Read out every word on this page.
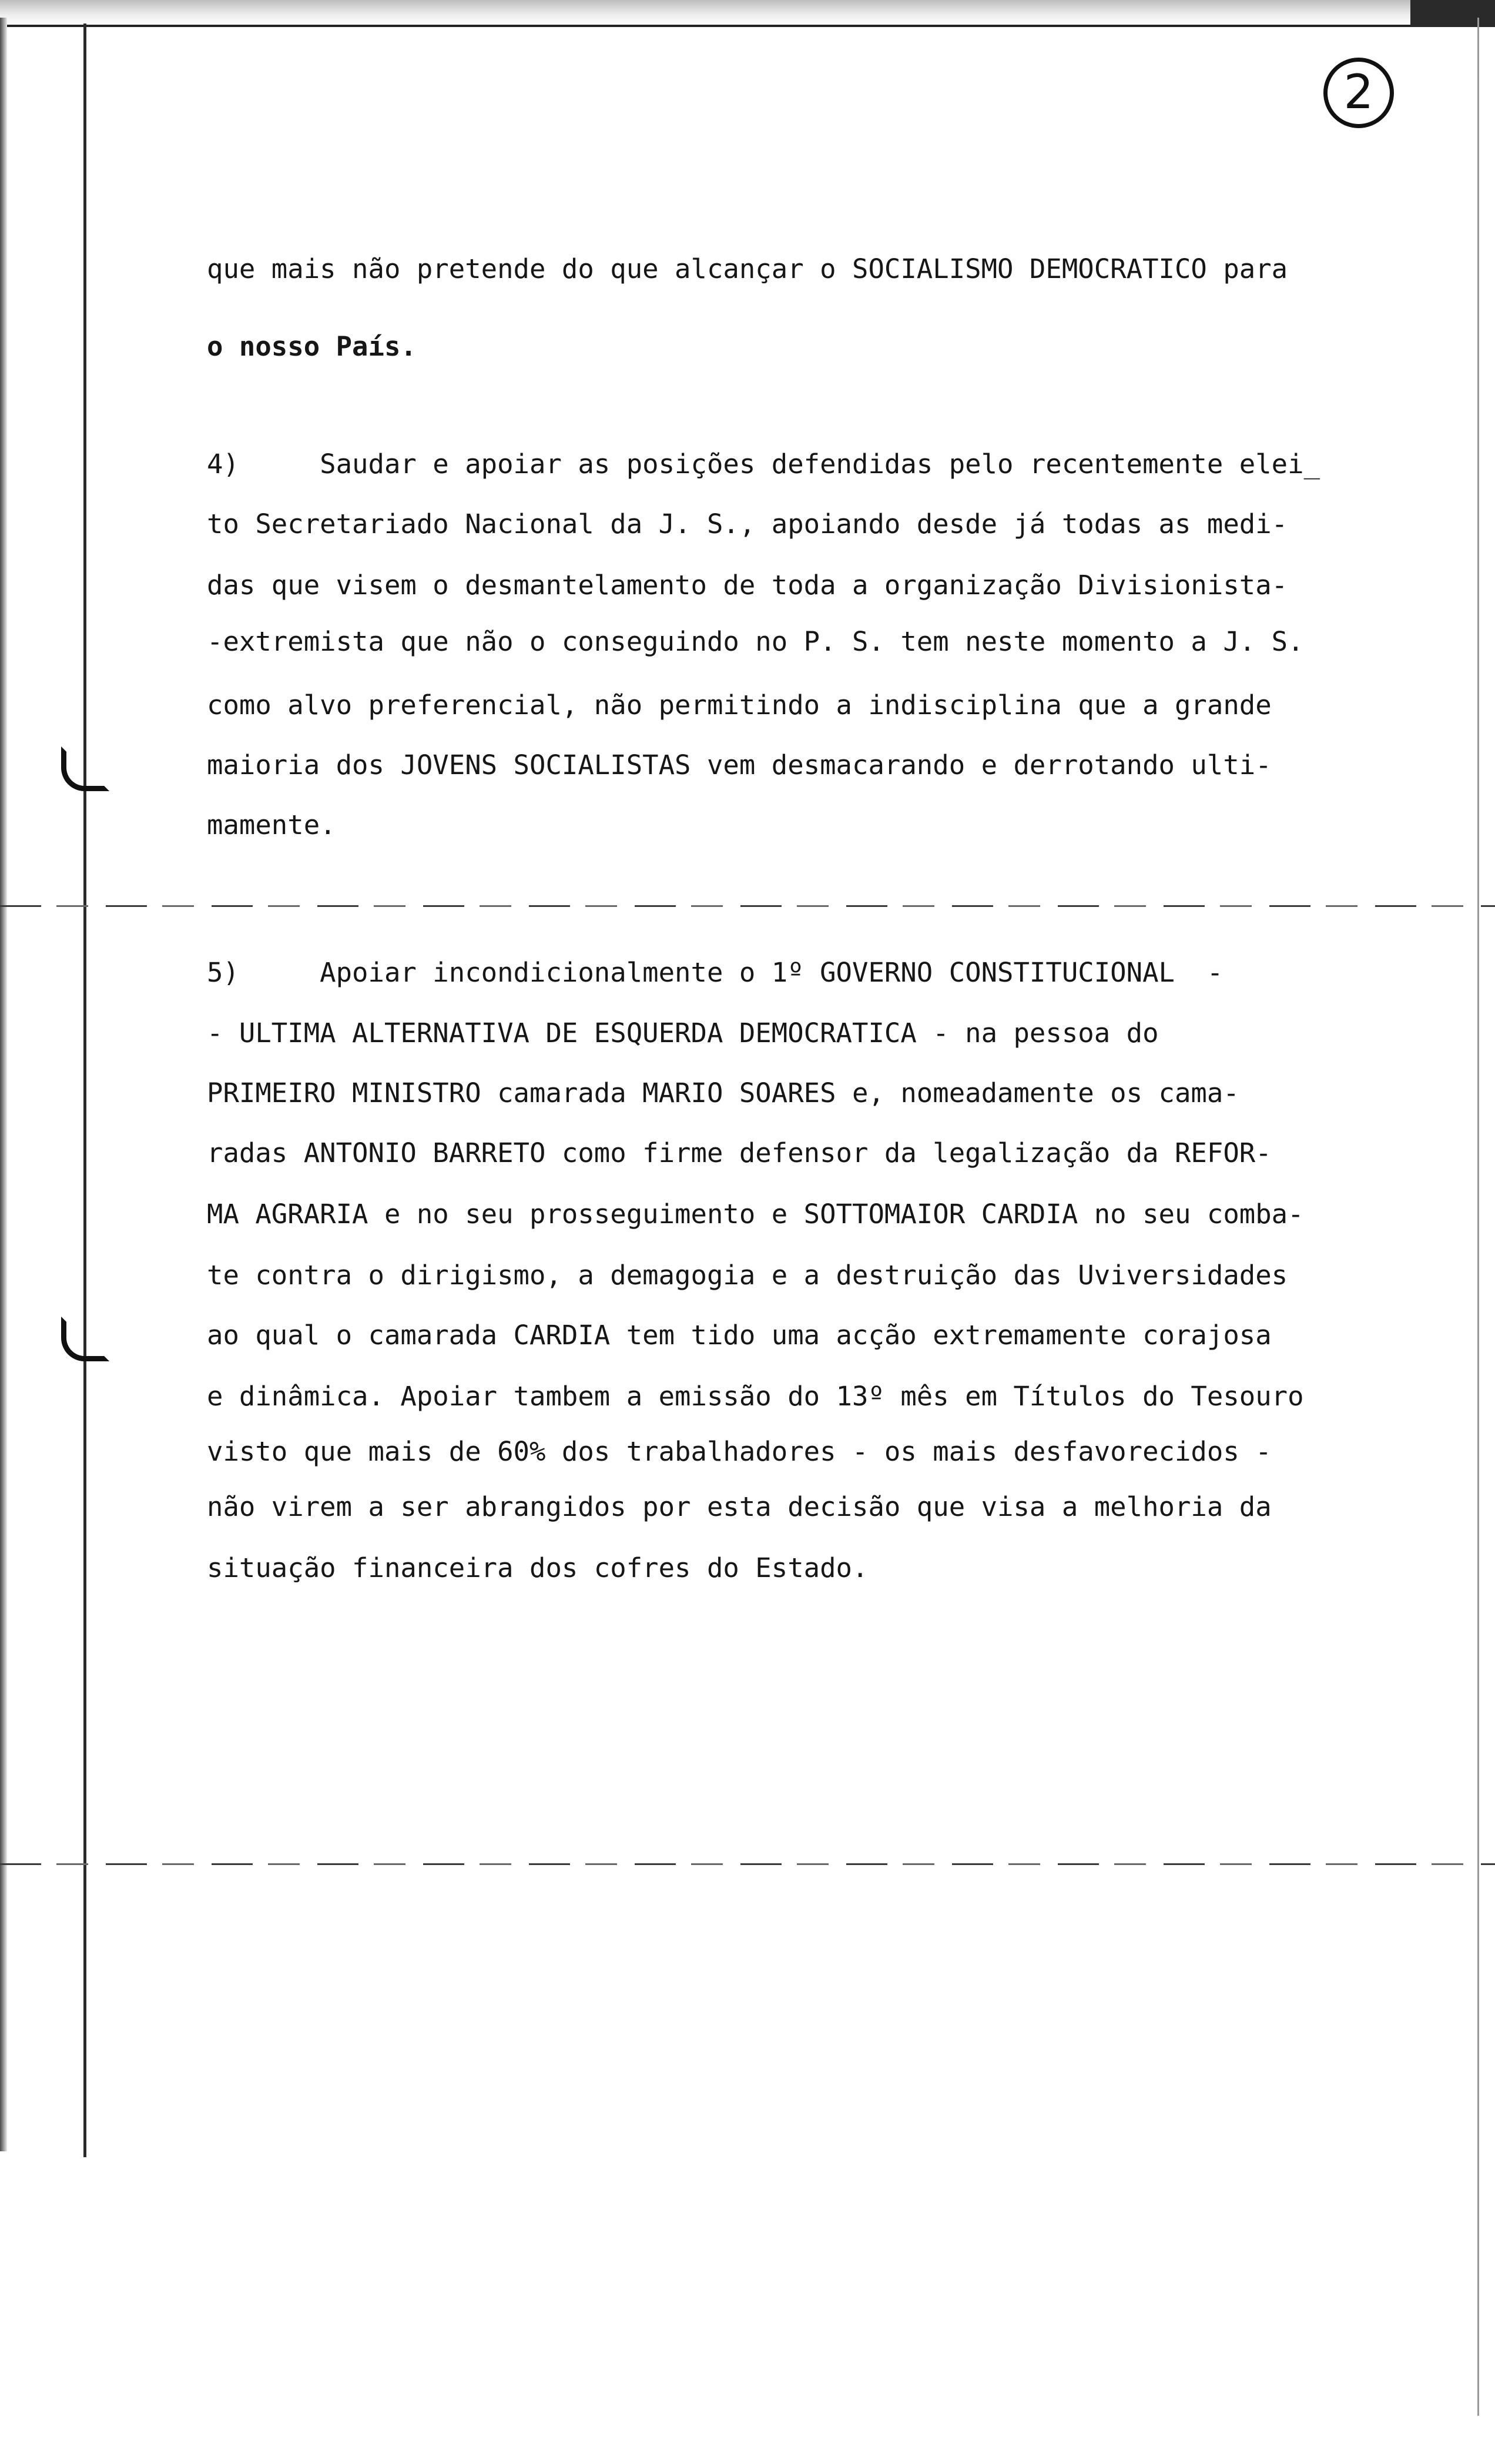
2

que mais não pretende do que alcançar o SOCIALISMO DEMOCRATICO para

o nosso País.

4)     Saudar e apoiar as posições defendidas pelo recentemente elei_

to Secretariado Nacional da J. S., apoiando desde já todas as medi-

das que visem o desmantelamento de toda a organização Divisionista-

-extremista que não o conseguindo no P. S. tem neste momento a J. S.

como alvo preferencial, não permitindo a indisciplina que a grande

maioria dos JOVENS SOCIALISTAS vem desmacarando e derrotando ulti-

mamente.

5)     Apoiar incondicionalmente o 1º GOVERNO CONSTITUCIONAL  -

- ULTIMA ALTERNATIVA DE ESQUERDA DEMOCRATICA - na pessoa do

PRIMEIRO MINISTRO camarada MARIO SOARES e, nomeadamente os cama-

radas ANTONIO BARRETO como firme defensor da legalização da REFOR-

MA AGRARIA e no seu prosseguimento e SOTTOMAIOR CARDIA no seu comba-

te contra o dirigismo, a demagogia e a destruição das Uviversidades

ao qual o camarada CARDIA tem tido uma acção extremamente corajosa

e dinâmica. Apoiar tambem a emissão do 13º mês em Títulos do Tesouro

visto que mais de 60% dos trabalhadores - os mais desfavorecidos -

não virem a ser abrangidos por esta decisão que visa a melhoria da

situação financeira dos cofres do Estado.
